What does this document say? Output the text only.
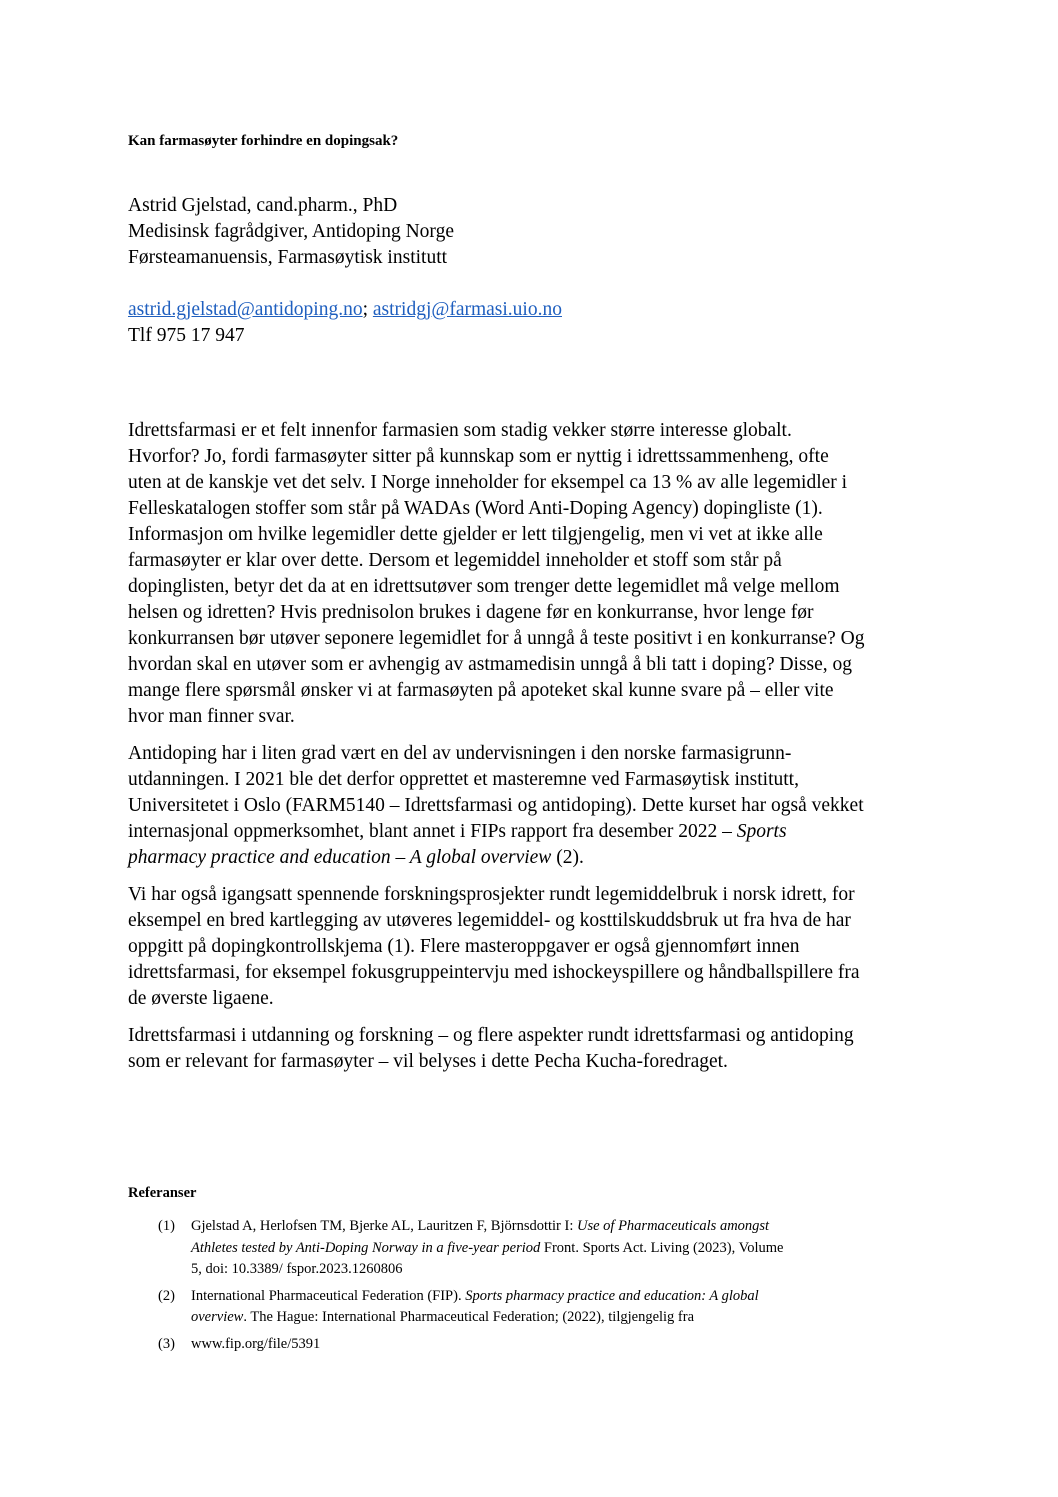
Kan farmasøyter forhindre en dopingsak?
Astrid Gjelstad, cand.pharm., PhD
Medisinsk fagrådgiver, Antidoping Norge
Førsteamanuensis, Farmasøytisk institutt
astrid.gjelstad@antidoping.no; astridgj@farmasi.uio.no
Tlf 975 17 947

Idrettsfarmasi er et felt innenfor farmasien som stadig vekker større interesse globalt.
Hvorfor? Jo, fordi farmasøyter sitter på kunnskap som er nyttig i idrettssammenheng, ofte
uten at de kanskje vet det selv. I Norge inneholder for eksempel ca 13 % av alle legemidler i
Felleskatalogen stoffer som står på WADAs (Word Anti-Doping Agency) dopingliste (1).
Informasjon om hvilke legemidler dette gjelder er lett tilgjengelig, men vi vet at ikke alle
farmasøyter er klar over dette. Dersom et legemiddel inneholder et stoff som står på
dopinglisten, betyr det da at en idrettsutøver som trenger dette legemidlet må velge mellom
helsen og idretten? Hvis prednisolon brukes i dagene før en konkurranse, hvor lenge før
konkurransen bør utøver seponere legemidlet for å unngå å teste positivt i en konkurranse? Og
hvordan skal en utøver som er avhengig av astmamedisin unngå å bli tatt i doping? Disse, og
mange flere spørsmål ønsker vi at farmasøyten på apoteket skal kunne svare på – eller vite
hvor man finner svar.

Antidoping har i liten grad vært en del av undervisningen i den norske farmasigrunn-
utdanningen. I 2021 ble det derfor opprettet et masteremne ved Farmasøytisk institutt,
Universitetet i Oslo (FARM5140 – Idrettsfarmasi og antidoping). Dette kurset har også vekket
internasjonal oppmerksomhet, blant annet i FIPs rapport fra desember 2022 – Sports
pharmacy practice and education – A global overview (2).

Vi har også igangsatt spennende forskningsprosjekter rundt legemiddelbruk i norsk idrett, for
eksempel en bred kartlegging av utøveres legemiddel- og kosttilskuddsbruk ut fra hva de har
oppgitt på dopingkontrollskjema (1). Flere masteroppgaver er også gjennomført innen
idrettsfarmasi, for eksempel fokusgruppeintervju med ishockeyspillere og håndballspillere fra
de øverste ligaene.

Idrettsfarmasi i utdanning og forskning – og flere aspekter rundt idrettsfarmasi og antidoping
som er relevant for farmasøyter – vil belyses i dette Pecha Kucha-foredraget.

Referanser
(1) Gjelstad A, Herlofsen TM, Bjerke AL, Lauritzen F, Björnsdottir I: Use of Pharmaceuticals amongst
Athletes tested by Anti-Doping Norway in a five-year period Front. Sports Act. Living (2023), Volume
5, doi: 10.3389/ fspor.2023.1260806
(2) International Pharmaceutical Federation (FIP). Sports pharmacy practice and education: A global
overview. The Hague: International Pharmaceutical Federation; (2022), tilgjengelig fra
(3) www.fip.org/file/5391
